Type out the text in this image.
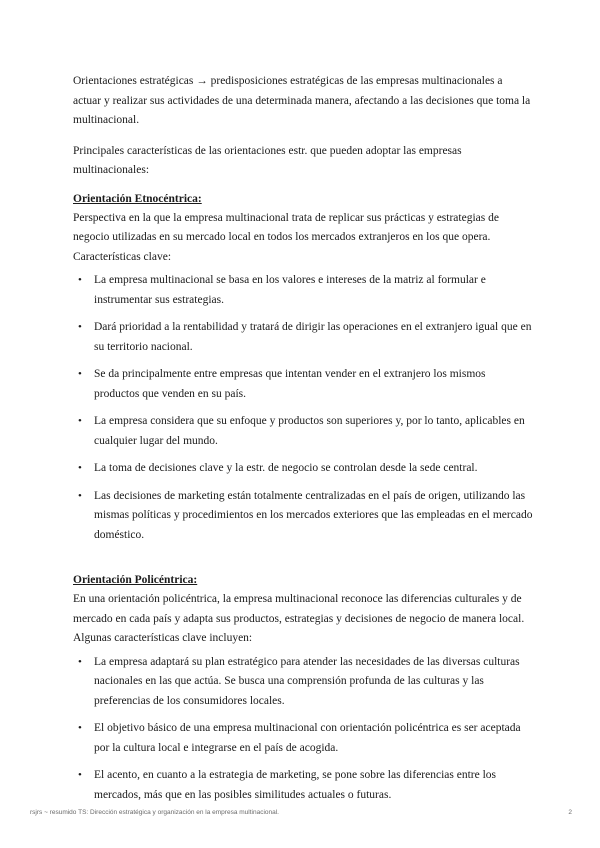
Orientaciones estratégicas → predisposiciones estratégicas de las empresas multinacionales a actuar y realizar sus actividades de una determinada manera, afectando a las decisiones que toma la multinacional.

Principales características de las orientaciones estr. que pueden adoptar las empresas multinacionales:

Orientación Etnocéntrica:

Perspectiva en la que la empresa multinacional trata de replicar sus prácticas y estrategias de negocio utilizadas en su mercado local en todos los mercados extranjeros en los que opera. Características clave:

• La empresa multinacional se basa en los valores e intereses de la matriz al formular e instrumentar sus estrategias.
• Dará prioridad a la rentabilidad y tratará de dirigir las operaciones en el extranjero igual que en su territorio nacional.
• Se da principalmente entre empresas que intentan vender en el extranjero los mismos productos que venden en su país.
• La empresa considera que su enfoque y productos son superiores y, por lo tanto, aplicables en cualquier lugar del mundo.
• La toma de decisiones clave y la estr. de negocio se controlan desde la sede central.
• Las decisiones de marketing están totalmente centralizadas en el país de origen, utilizando las mismas políticas y procedimientos en los mercados exteriores que las empleadas en el mercado doméstico.
Orientación Policéntrica:

En una orientación policéntrica, la empresa multinacional reconoce las diferencias culturales y de mercado en cada país y adapta sus productos, estrategias y decisiones de negocio de manera local. Algunas características clave incluyen:

• La empresa adaptará su plan estratégico para atender las necesidades de las diversas culturas nacionales en las que actúa. Se busca una comprensión profunda de las culturas y las preferencias de los consumidores locales.
• El objetivo básico de una empresa multinacional con orientación policéntrica es ser aceptada por la cultura local e integrarse en el país de acogida.
• El acento, en cuanto a la estrategia de marketing, se pone sobre las diferencias entre los mercados, más que en las posibles similitudes actuales o futuras.
rsjrs ~ resumido TS: Dirección estratégica y organización en la empresa multinacional.	2
